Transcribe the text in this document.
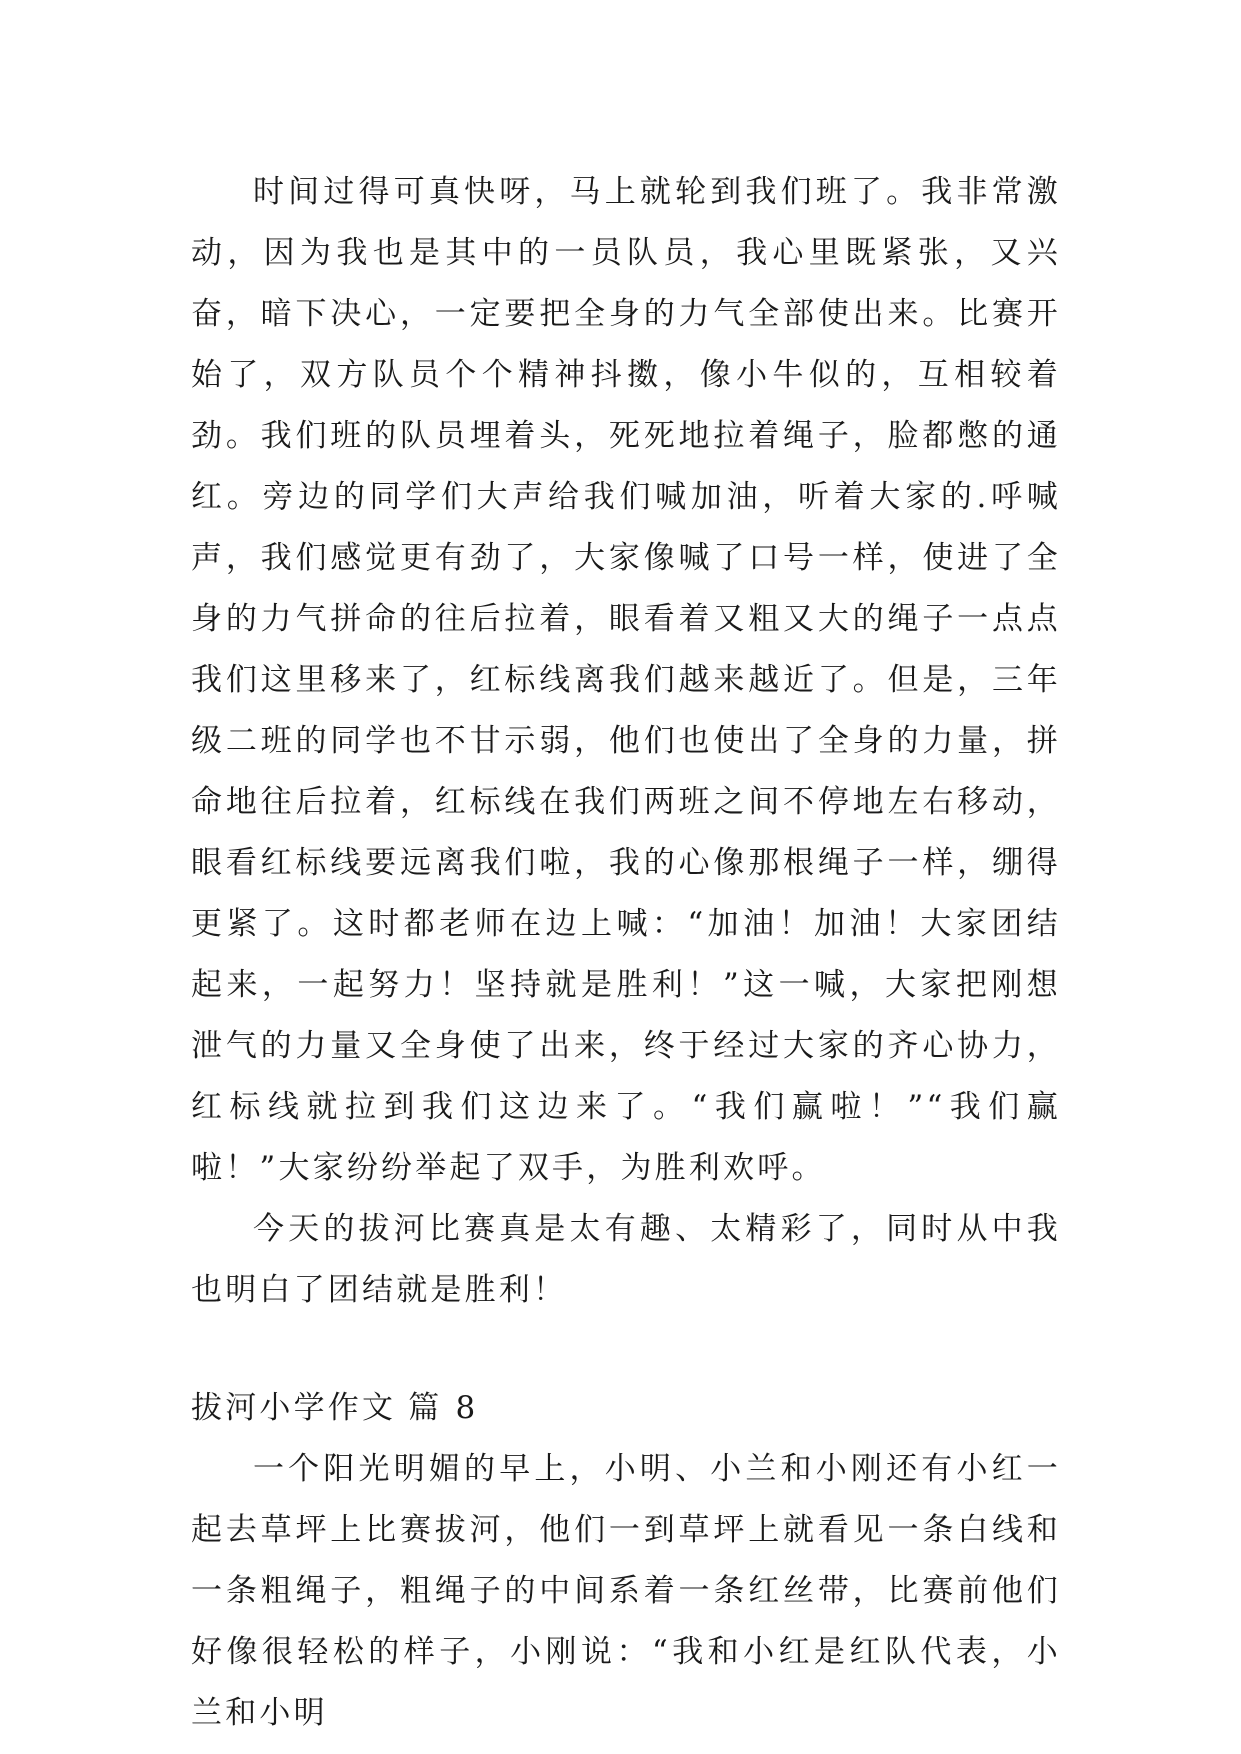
时间过得可真快呀，马上就轮到我们班了。我非常激动，因为我也是其中的一员队员，我心里既紧张，又兴奋，暗下决心，一定要把全身的力气全部使出来。比赛开始了，双方队员个个精神抖擞，像小牛似的，互相较着劲。我们班的队员埋着头，死死地拉着绳子，脸都憋的通红。旁边的同学们大声给我们喊加油，听着大家的.呼喊声，我们感觉更有劲了，大家像喊了口号一样，使进了全身的力气拼命的往后拉着，眼看着又粗又大的绳子一点点我们这里移来了，红标线离我们越来越近了。但是，三年级二班的同学也不甘示弱，他们也使出了全身的力量，拼命地往后拉着，红标线在我们两班之间不停地左右移动，眼看红标线要远离我们啦，我的心像那根绳子一样，绷得更紧了。这时都老师在边上喊：“加油！加油！大家团结起来，一起努力！坚持就是胜利！”这一喊，大家把刚想泄气的力量又全身使了出来，终于经过大家的齐心协力，红标线就拉到我们这边来了。“我们赢啦！”“我们赢啦！”大家纷纷举起了双手，为胜利欢呼。

今天的拔河比赛真是太有趣、太精彩了，同时从中我也明白了团结就是胜利！

拔河小学作文 篇 8

一个阳光明媚的早上，小明、小兰和小刚还有小红一起去草坪上比赛拔河，他们一到草坪上就看见一条白线和一条粗绳子，粗绳子的中间系着一条红丝带，比赛前他们好像很轻松的样子，小刚说：“我和小红是红队代表，小兰和小明
